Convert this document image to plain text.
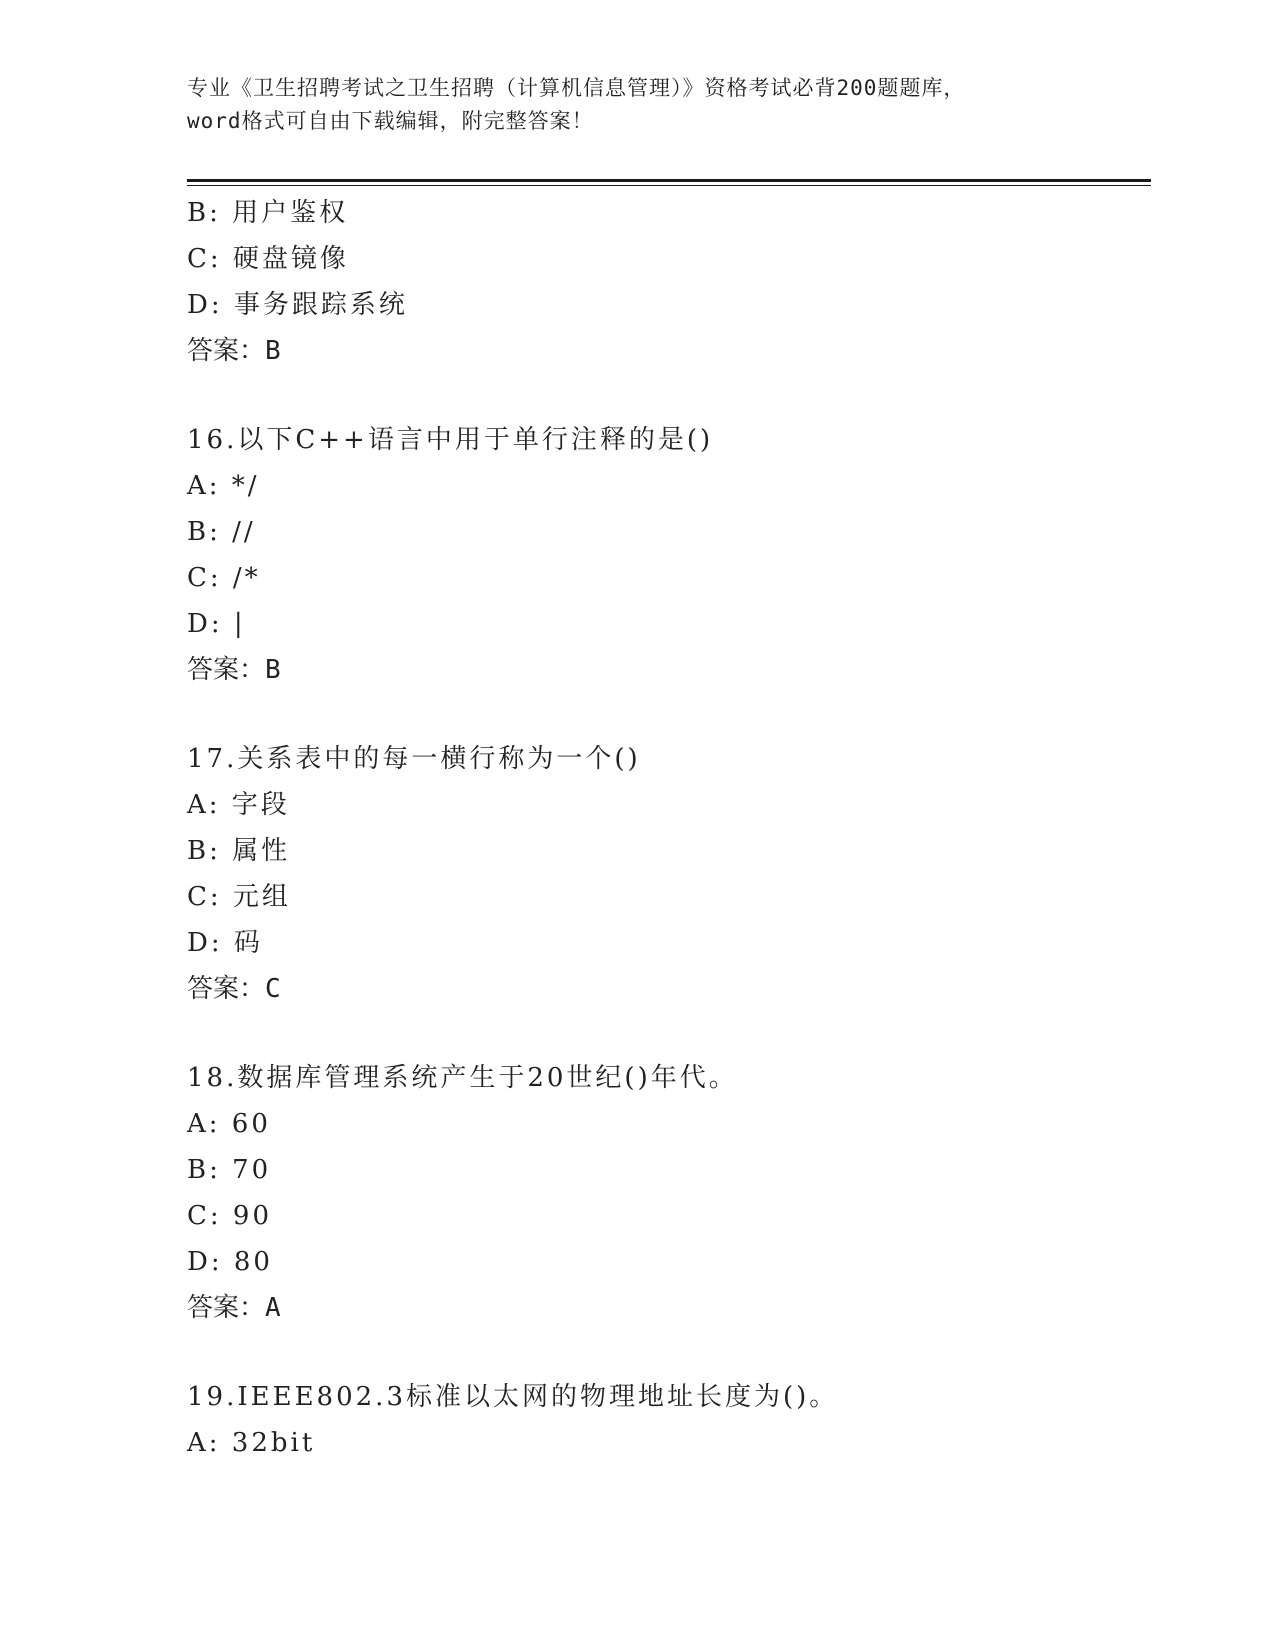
专业《卫生招聘考试之卫生招聘（计算机信息管理）》资格考试必背200题题库，
word格式可自由下载编辑，附完整答案！
B: 用户鉴权
C: 硬盘镜像
D: 事务跟踪系统
答案：B
16.以下C++语言中用于单行注释的是()
A: */
B: //
C: /*
D: |
答案：B
17.关系表中的每一横行称为一个()
A: 字段
B: 属性
C: 元组
D: 码
答案：C
18.数据库管理系统产生于20世纪()年代。
A: 60
B: 70
C: 90
D: 80
答案：A
19.IEEE802.3标准以太网的物理地址长度为()。
A: 32bit
